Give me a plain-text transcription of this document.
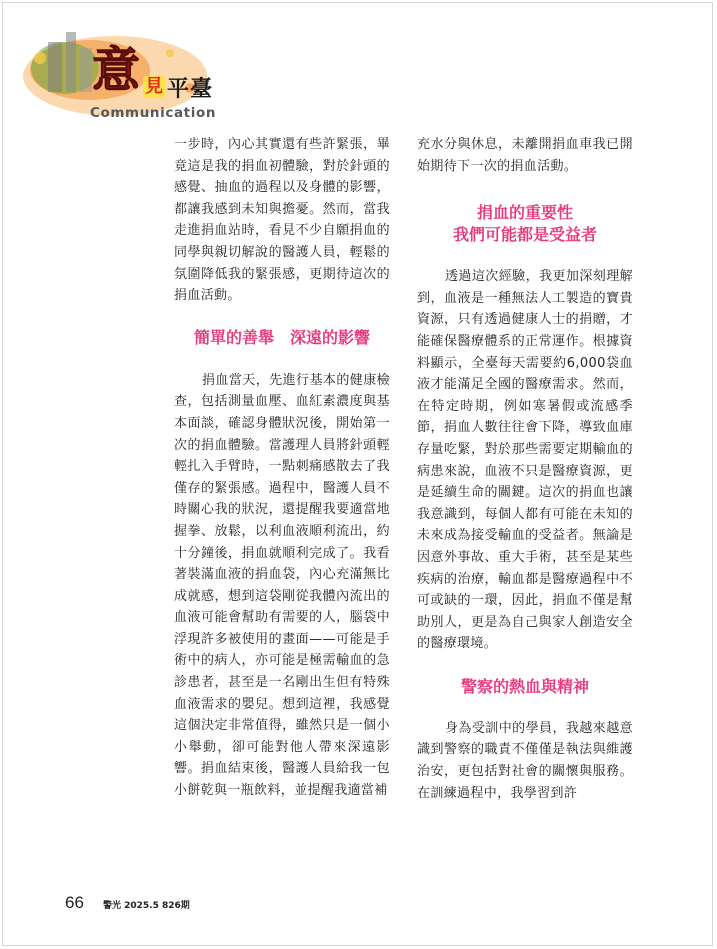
意 見 平臺
Communication

一步時，內心其實還有些許緊張，畢竟這是我的捐血初體驗，對於針頭的感覺、抽血的過程以及身體的影響，都讓我感到未知與擔憂。然而，當我走進捐血站時，看見不少自願捐血的同學與親切解說的醫護人員，輕鬆的氛圍降低我的緊張感，更期待這次的捐血活動。

簡單的善舉　深遠的影響

捐血當天，先進行基本的健康檢查，包括測量血壓、血紅素濃度與基本面談，確認身體狀況後，開始第一次的捐血體驗。當護理人員將針頭輕輕扎入手臂時，一點刺痛感散去了我僅存的緊張感。過程中，醫護人員不時關心我的狀況，還提醒我要適當地握拳、放鬆，以利血液順利流出，約十分鐘後，捐血就順利完成了。我看著裝滿血液的捐血袋，內心充滿無比成就感，想到這袋剛從我體內流出的血液可能會幫助有需要的人，腦袋中浮現許多被使用的畫面——可能是手術中的病人，亦可能是極需輸血的急診患者，甚至是一名剛出生但有特殊血液需求的嬰兒。想到這裡，我感覺這個決定非常值得，雖然只是一個小小舉動，卻可能對他人帶來深遠影響。捐血結束後，醫護人員給我一包小餅乾與一瓶飲料，並提醒我適當補

充水分與休息，未離開捐血車我已開始期待下一次的捐血活動。

捐血的重要性

我們可能都是受益者

透過這次經驗，我更加深刻理解到，血液是一種無法人工製造的寶貴資源，只有透過健康人士的捐贈，才能確保醫療體系的正常運作。根據資料顯示，全臺每天需要約6,000袋血液才能滿足全國的醫療需求。然而，在特定時期，例如寒暑假或流感季節，捐血人數往往會下降，導致血庫存量吃緊，對於那些需要定期輸血的病患來說，血液不只是醫療資源，更是延續生命的關鍵。這次的捐血也讓我意識到，每個人都有可能在未知的未來成為接受輸血的受益者。無論是因意外事故、重大手術，甚至是某些疾病的治療，輸血都是醫療過程中不可或缺的一環，因此，捐血不僅是幫助別人，更是為自己與家人創造安全的醫療環境。

警察的熱血與精神

身為受訓中的學員，我越來越意識到警察的職責不僅僅是執法與維護治安，更包括對社會的關懷與服務。在訓練過程中，我學習到許

66 警光 2025.5 826期
